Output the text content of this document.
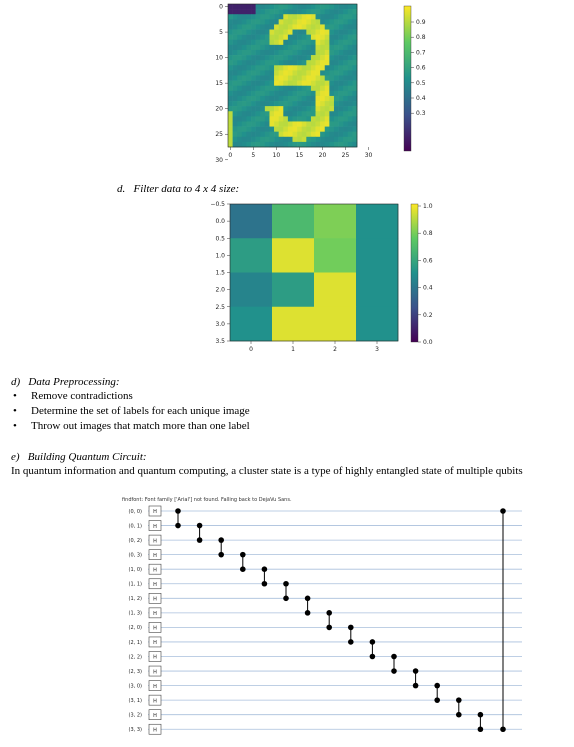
0
5
10
15
20
25
30
0	5	10	15	20	25	30
0.9
0.8
0.7
0.6
0.5
0.4
0.3
d.   Filter data to 4 x 4 size:
−0.5
0.0
0.5
1.0
1.5
2.0
2.5
3.0
3.5
0	1	2	3
1.0
0.8
0.6
0.4
0.2
0.0
d)   Data Preprocessing:
• Remove contradictions
• Determine the set of labels for each unique image
• Throw out images that match more than one label
e)   Building Quantum Circuit:
In quantum information and quantum computing, a cluster state is a type of highly entangled state of multiple qubits
findfont: Font family ['Arial'] not found. Falling back to DejaVu Sans.
(0, 0)
(0, 1)
(0, 2)
(0, 3)
(1, 0)
(1, 1)
(1, 2)
(1, 3)
(2, 0)
(2, 1)
(2, 2)
(2, 3)
(3, 0)
(3, 1)
(3, 2)
(3, 3)
H
H
H
H
H
H
H
H
H
H
H
H
H
H
H
H
